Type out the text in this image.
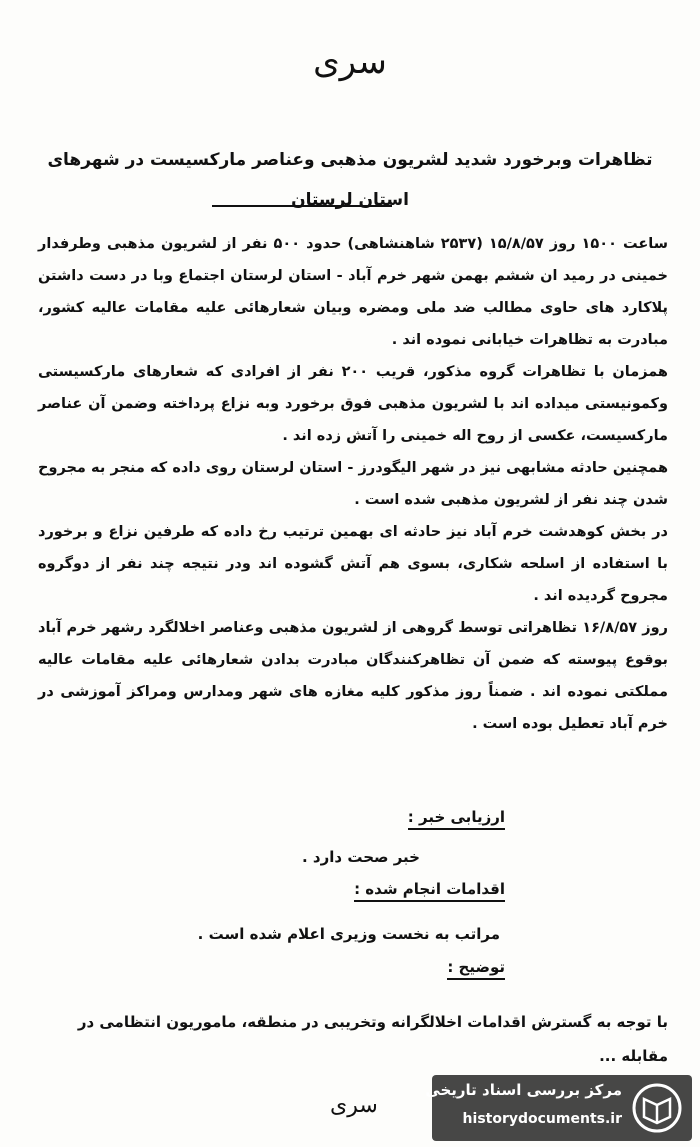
سری
تظاهرات وبرخورد شدید لشریون مذهبی وعناصر مارکسیست در شهرهای استان لرستان

ساعت ۱۵۰۰ روز ۱۵/۸/۵۷ (۲۵۳۷ شاهنشاهی) حدود ۵۰۰ نفر از لشریون مذهبی وطرفدار خمینی در رمید ان ششم بهمن شهر خرم آباد - استان لرستان اجتماع وبا در دست داشتن پلاکارد های حاوی مطالب ضد ملی ومضره وبیان شعارهائی علیه مقامات عالیه کشور، مبادرت به تظاهرات خیابانی نموده اند .

همزمان با تظاهرات گروه مذکور، قریب ۲۰۰ نفر از افرادی که شعارهای مارکسیستی وکمونیستی میداده اند با لشریون مذهبی فوق برخورد وبه نزاع پرداخته وضمن آن عناصر مارکسیست، عکسی از روح اله خمینی را آتش زده اند .

همچنین حادثه مشابهی نیز در شهر الیگودرز - استان لرستان روی داده که منجر به مجروح شدن چند نفر از لشریون مذهبی شده است .

در بخش کوهدشت خرم آباد نیز حادثه ای بهمین ترتیب رخ داده که طرفین نزاع و برخورد با استفاده از اسلحه شکاری، بسوی هم آتش گشوده اند ودر نتیجه چند نفر از دوگروه مجروح گردیده اند .

روز ۱۶/۸/۵۷ تظاهراتی توسط گروهی از لشریون مذهبی وعناصر اخلالگرد رشهر خرم آباد بوقوع پیوسته که ضمن آن تظاهرکنندگان مبادرت بدادن شعارهائی علیه مقامات عالیه مملکتی نموده اند . ضمناً روز مذکور کلیه مغازه های شهر ومدارس ومراکز آموزشی در خرم آباد تعطیل بوده است .

ارزیابی خبر :
خبر صحت دارد .
اقدامات انجام شده :
مراتب به نخست وزیری اعلام شده است .
توضیح :
با توجه به گسترش اقدامات اخلالگرانه وتخریبی در منطقه، ماموریون انتظامی در مقابله ...
سری
مرکز بررسی اسناد تاریخی
historydocuments.ir
